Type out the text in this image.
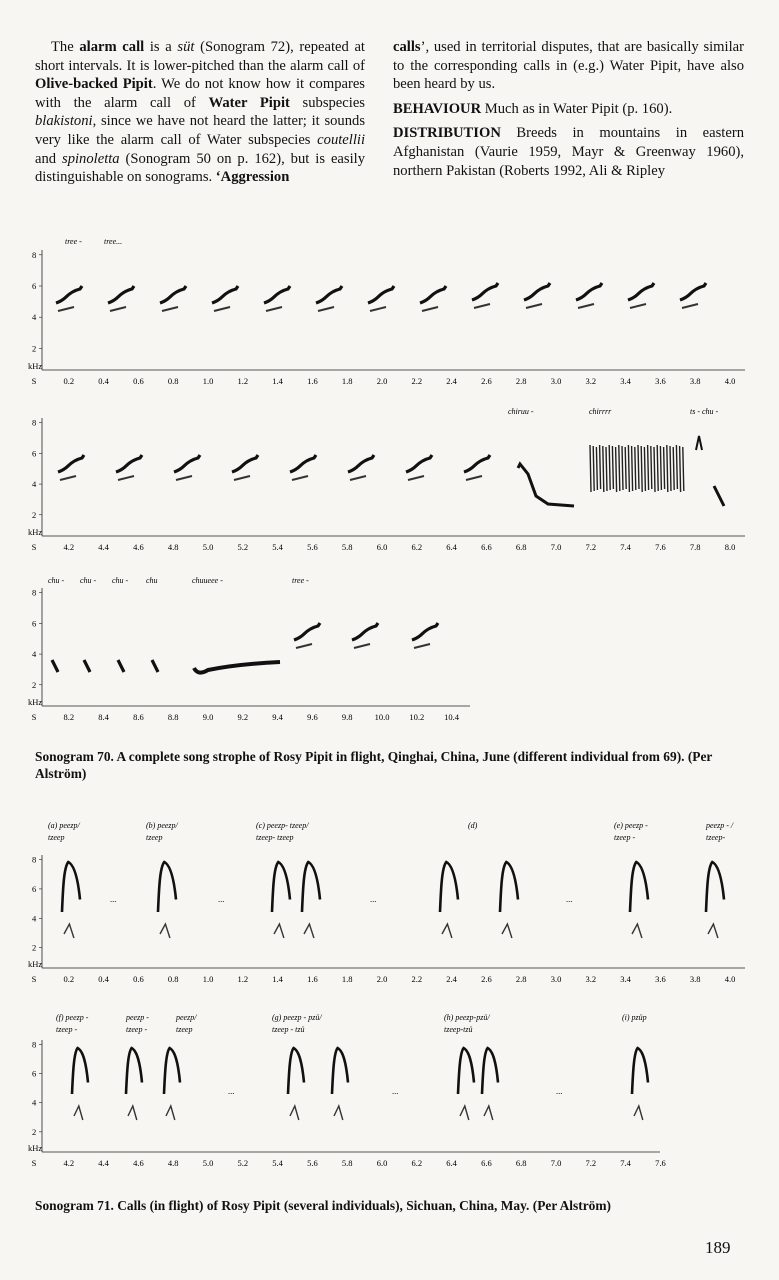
The alarm call is a süt (Sonogram 72), repeated at short intervals. It is lower-pitched than the alarm call of Olive-backed Pipit. We do not know how it compares with the alarm call of Water Pipit subspecies blakistoni, since we have not heard the latter; it sounds very like the alarm call of Water subspecies coutellii and spinoletta (Sonogram 50 on p. 162), but is easily distinguishable on sonograms. ‘Aggression

calls’, used in territorial disputes, that are basically similar to the corresponding calls in (e.g.) Water Pipit, have also been heard by us.

BEHAVIOUR Much as in Water Pipit (p. 160).

DISTRIBUTION Breeds in mountains in eastern Afghanistan (Vaurie 1959, Mayr & Greenway 1960), northern Pakistan (Roberts 1992, Ali & Ripley

8
6
4
2
kHz
S	0.2	0.4	0.6	0.8	1.0	1.2	1.4	1.6	1.8	2.0	2.2	2.4	2.6	2.8	3.0	3.2	3.4	3.6	3.8	4.0
tree -	tree...
8
6
4
2
kHz
S	4.2	4.4	4.6	4.8	5.0	5.2	5.4	5.6	5.8	6.0	6.2	6.4	6.6	6.8	7.0	7.2	7.4	7.6	7.8	8.0
chiruu -	chirrrr	ts - chu -
8
6
4
2
kHz
S	8.2	8.4	8.6	8.8	9.0	9.2	9.4	9.6	9.8	10.0 10.2 10.4
chu - chu - chu - chu	chuueee -	tree -
8
6
4
2
kHz
S	0.2	0.4	0.6	0.8	1.0	1.2	1.4	1.6	1.8	2.0	2.2	2.4	2.6	2.8	3.0	3.2	3.4	3.6	3.8	4.0
(a) peezp/
tzeep
(b) peezp/
tzeep
(c) peezp- tzeep/
tzeep- tzeep
(d)	(e) peezp -
tzeep -
peezp - /
tzeep-
...	...	...	...
8
6
4
2
kHz
S	4.2	4.4	4.6	4.8	5.0	5.2	5.4	5.6	5.8	6.0	6.2	6.4	6.6	6.8	7.0	7.2	7.4	7.6
(f) peezp -
tzeep -
peezp -
tzeep -
peezp/
tzeep
(g) peezp - pzü/
tzeep - tzü
(h) peezp-pzü/
tzeep-tzü
(i) pzüp
...	...	...
Sonogram 70. A complete song strophe of Rosy Pipit in flight, Qinghai, China, June (different individual from 69). (Per Alström)
Sonogram 71. Calls (in flight) of Rosy Pipit (several individuals), Sichuan, China, May. (Per Alström)
189
